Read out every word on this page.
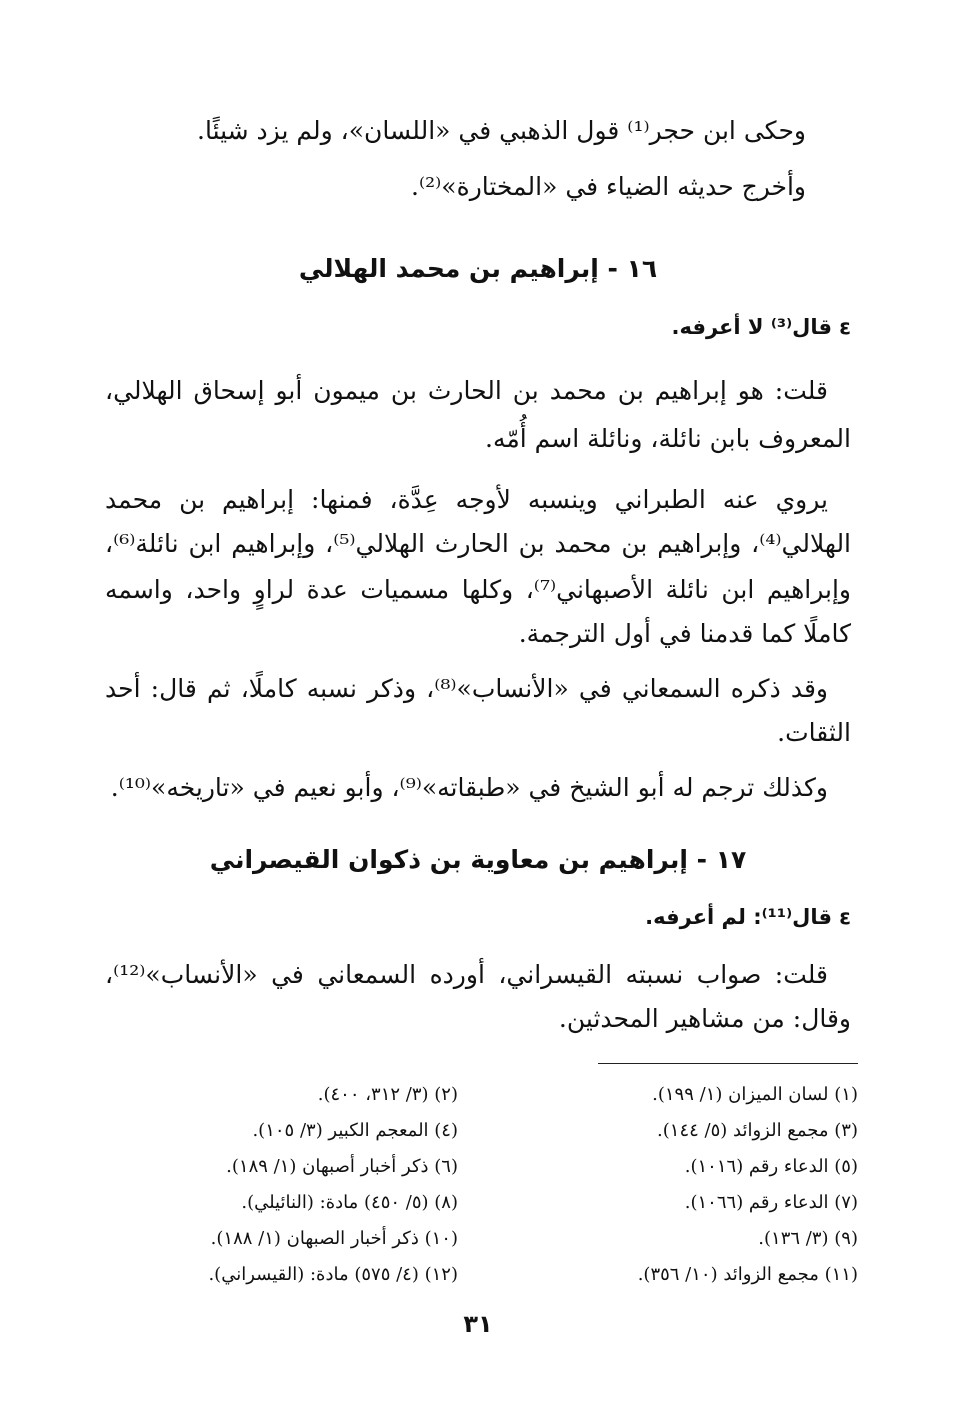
وحكى ابن حجر⁽¹⁾ قول الذهبي في «اللسان»، ولم يزد شيئًا.
وأخرج حديثه الضياء في «المختارة»⁽²⁾.
١٦ - إبراهيم بن محمد الهلالي
ε قال⁽³⁾ لا أعرفه.
قلت: هو إبراهيم بن محمد بن الحارث بن ميمون أبو إسحاق الهلالي،
المعروف بابن نائلة، ونائلة اسم أُمّه.
يروي عنه الطبراني وينسبه لأوجه عِدَّة، فمنها: إبراهيم بن محمد
الهلالي⁽⁴⁾، وإبراهيم بن محمد بن الحارث الهلالي⁽⁵⁾، وإبراهيم ابن نائلة⁽⁶⁾،
وإبراهيم ابن نائلة الأصبهاني⁽⁷⁾، وكلها مسميات عدة لراوٍ واحد، واسمه
كاملًا كما قدمنا في أول الترجمة.
وقد ذكره السمعاني في «الأنساب»⁽⁸⁾، وذكر نسبه كاملًا، ثم قال: أحد
الثقات.
وكذلك ترجم له أبو الشيخ في «طبقاته»⁽⁹⁾، وأبو نعيم في «تاريخه»⁽¹⁰⁾.
١٧ - إبراهيم بن معاوية بن ذكوان القيصراني
ε قال⁽¹¹⁾: لم أعرفه.
قلت: صواب نسبته القيسراني، أورده السمعاني في «الأنساب»⁽¹²⁾،
وقال: من مشاهير المحدثين.
(١) لسان الميزان (١/ ١٩٩).
(٣) مجمع الزوائد (٥/ ١٤٤).
(٥) الدعاء رقم (١٠١٦).
(٧) الدعاء رقم (١٠٦٦).
(٩) (٣/ ١٣٦).
(١١) مجمع الزوائد (١٠/ ٣٥٦).
(٢) (٣/ ٣١٢، ٤٠٠).
(٤) المعجم الكبير (٣/ ١٠٥).
(٦) ذكر أخبار أصبهان (١/ ١٨٩).
(٨) (٥/ ٤٥٠) مادة: (النائيلي).
(١٠) ذكر أخبار الصبهان (١/ ١٨٨).
(١٢) (٤/ ٥٧٥) مادة: (القيسراني).
٣١
